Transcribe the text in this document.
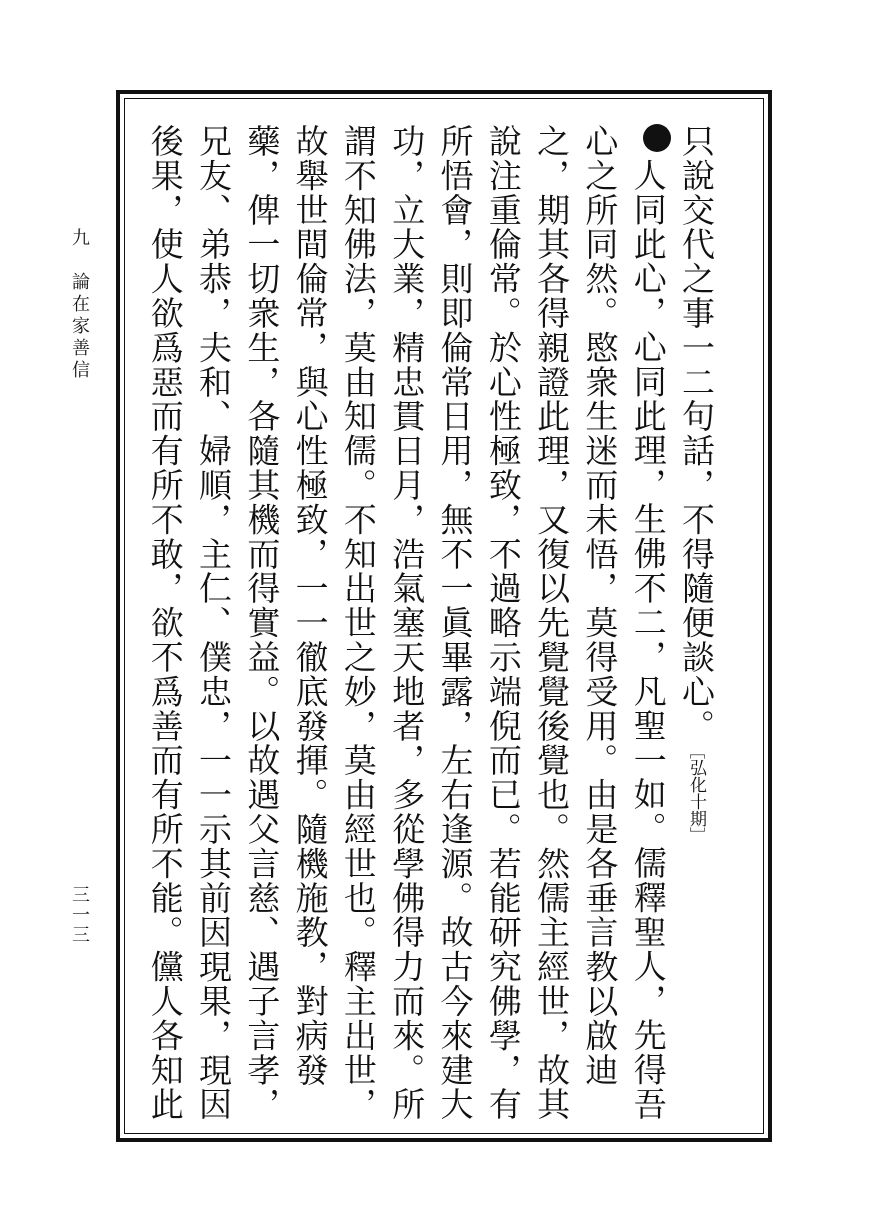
九　論在家善信
三一三
只說交代之事一二句話，不得隨便談心。﹇弘化十期﹈
人同此心，心同此理，生佛不二，凡聖一如。儒釋聖人，先得吾心之所同然。愍衆生迷而未悟，莫得受用。由是各垂言教以啟迪之，期其各得親證此理，又復以先覺覺後覺也。然儒主經世，故其說注重倫常。於心性極致，不過略示端倪而已。若能研究佛學，有所悟會，則即倫常日用，無不一眞畢露，左右逢源。故古今來建大功，立大業，精忠貫日月，浩氣塞天地者，多從學佛得力而來。所謂不知佛法，莫由知儒。不知出世之妙，莫由經世也。釋主出世，故舉世間倫常，與心性極致，一一徹底發揮。隨機施教，對病發藥，俾一切衆生，各隨其機而得實益。以故遇父言慈、遇子言孝，兄友、弟恭，夫和、婦順，主仁、僕忠，一一示其前因現果，現因後果，使人欲爲惡而有所不敢，欲不爲善而有所不能。儻人各知此
